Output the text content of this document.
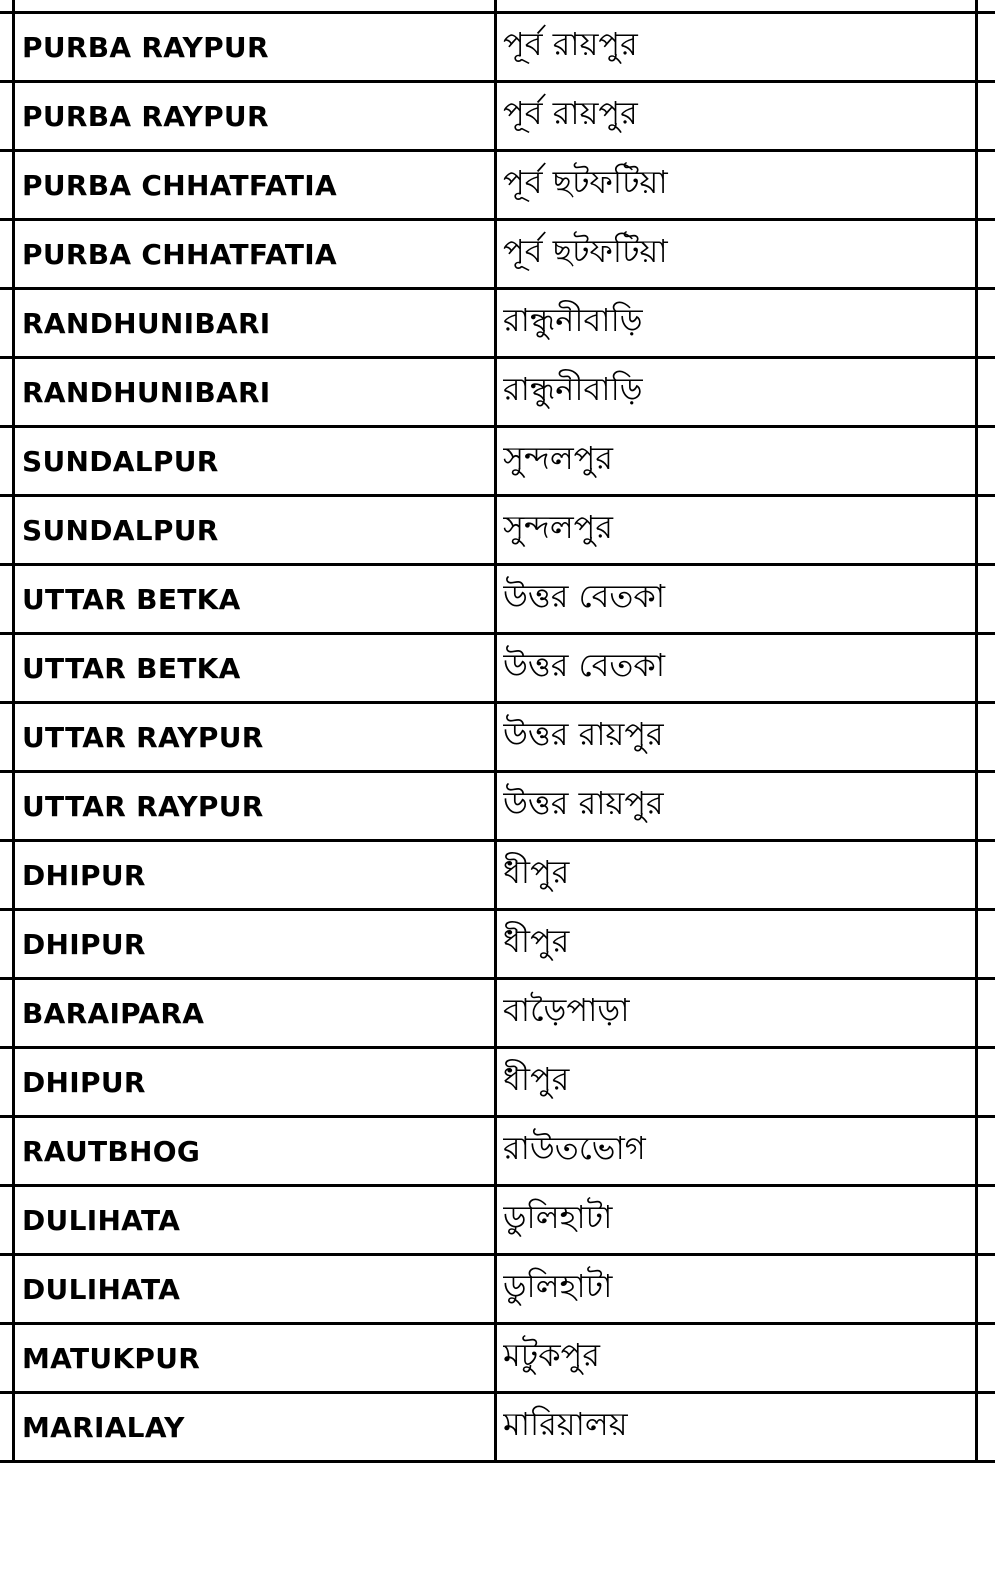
PURBA RAYPUR	পূর্ব রায়পুর
PURBA RAYPUR	পূর্ব রায়পুর
PURBA CHHATFATIA	পূর্ব ছটফটিয়া
PURBA CHHATFATIA	পূর্ব ছটফটিয়া
RANDHUNIBARI	রান্ধুনীবাড়ি
RANDHUNIBARI	রান্ধুনীবাড়ি
SUNDALPUR	সুন্দলপুর
SUNDALPUR	সুন্দলপুর
UTTAR BETKA	উত্তর বেতকা
UTTAR BETKA	উত্তর বেতকা
UTTAR RAYPUR	উত্তর রায়পুর
UTTAR RAYPUR	উত্তর রায়পুর
DHIPUR	ধীপুর
DHIPUR	ধীপুর
BARAIPARA	বাড়ৈপাড়া
DHIPUR	ধীপুর
RAUTBHOG	রাউতভোগ
DULIHATA	ডুলিহাটা
DULIHATA	ডুলিহাটা
MATUKPUR	মটুকপুর
MARIALAY	মারিয়ালয়
